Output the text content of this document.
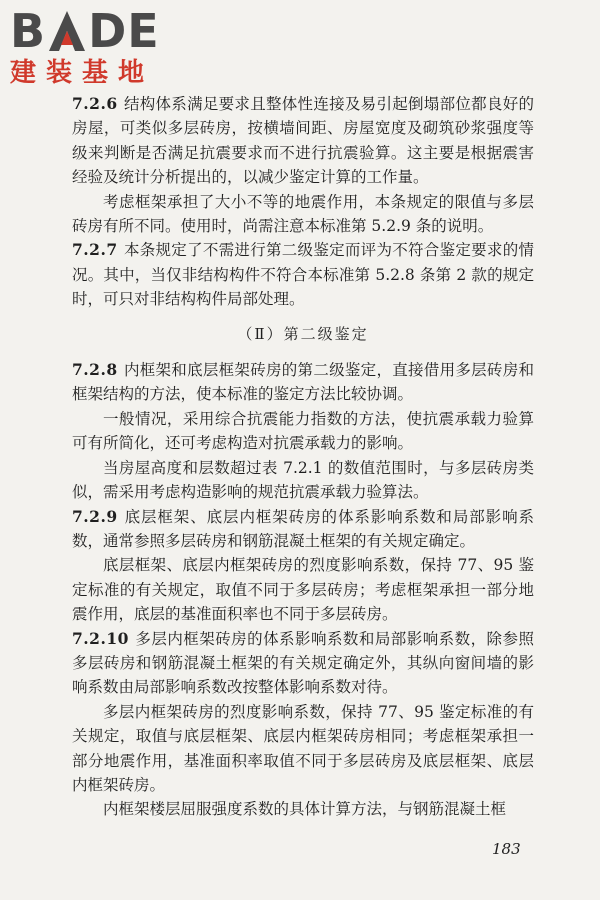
B DE
建装基地

7.2.6 结构体系满足要求且整体性连接及易引起倒塌部位都良好的房屋，可类似多层砖房，按横墙间距、房屋宽度及砌筑砂浆强度等级来判断是否满足抗震要求而不进行抗震验算。这主要是根据震害经验及统计分析提出的，以减少鉴定计算的工作量。

考虑框架承担了大小不等的地震作用，本条规定的限值与多层砖房有所不同。使用时，尚需注意本标准第 5.2.9 条的说明。

7.2.7 本条规定了不需进行第二级鉴定而评为不符合鉴定要求的情况。其中，当仅非结构构件不符合本标准第 5.2.8 条第 2 款的规定时，可只对非结构构件局部处理。

（Ⅱ）第二级鉴定

7.2.8 内框架和底层框架砖房的第二级鉴定，直接借用多层砖房和框架结构的方法，使本标准的鉴定方法比较协调。

一般情况，采用综合抗震能力指数的方法，使抗震承载力验算可有所简化，还可考虑构造对抗震承载力的影响。

当房屋高度和层数超过表 7.2.1 的数值范围时，与多层砖房类似，需采用考虑构造影响的规范抗震承载力验算法。

7.2.9 底层框架、底层内框架砖房的体系影响系数和局部影响系数，通常参照多层砖房和钢筋混凝土框架的有关规定确定。

底层框架、底层内框架砖房的烈度影响系数，保持 77、95 鉴定标准的有关规定，取值不同于多层砖房；考虑框架承担一部分地震作用，底层的基准面积率也不同于多层砖房。

7.2.10 多层内框架砖房的体系影响系数和局部影响系数，除参照多层砖房和钢筋混凝土框架的有关规定确定外，其纵向窗间墙的影响系数由局部影响系数改按整体影响系数对待。

多层内框架砖房的烈度影响系数，保持 77、95 鉴定标准的有关规定，取值与底层框架、底层内框架砖房相同；考虑框架承担一部分地震作用，基准面积率取值不同于多层砖房及底层框架、底层内框架砖房。

内框架楼层屈服强度系数的具体计算方法，与钢筋混凝土框

183
